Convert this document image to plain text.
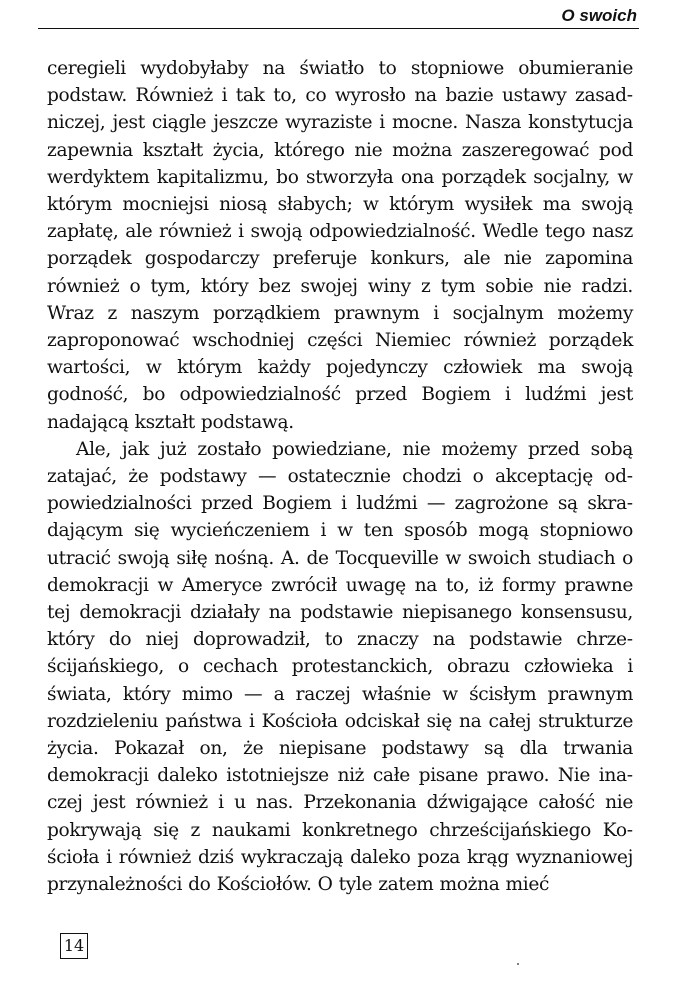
O swoich

ceregieli wydobyłaby na światło to stopniowe obumieranie podstaw. Również i tak to, co wyrosło na bazie ustawy zasadniczej, jest ciągle jeszcze wyraziste i mocne. Nasza konstytucja zapewnia kształt życia, którego nie można zaszeregować pod werdyktem kapitalizmu, bo stworzyła ona porządek socjalny, w którym mocniejsi niosą słabych; w którym wysiłek ma swoją zapłatę, ale również i swoją odpowiedzialność. Wedle tego nasz porządek gospodarczy preferuje konkurs, ale nie zapomina również o tym, który bez swojej winy z tym sobie nie radzi. Wraz z naszym porządkiem prawnym i socjalnym możemy zaproponować wschodniej części Niemiec również porządek wartości, w którym każdy pojedynczy człowiek ma swoją godność, bo odpowiedzialność przed Bogiem i ludźmi jest nadającą kształt podstawą.

Ale, jak już zostało powiedziane, nie możemy przed sobą zatajać, że podstawy — ostatecznie chodzi o akceptację odpowiedzialności przed Bogiem i ludźmi — zagrożone są skradającym się wycieńczeniem i w ten sposób mogą stopniowo utracić swoją siłę nośną. A. de Tocqueville w swoich studiach o demokracji w Ameryce zwrócił uwagę na to, iż formy prawne tej demokracji działały na podstawie niepisanego konsensusu, który do niej doprowadził, to znaczy na podstawie chrześcijańskiego, o cechach protestanckich, obrazu człowieka i świata, który mimo — a raczej właśnie w ścisłym prawnym rozdzieleniu państwa i Kościoła odciskał się na całej strukturze życia. Pokazał on, że niepisane podstawy są dla trwania demokracji daleko istotniejsze niż całe pisane prawo. Nie inaczej jest również i u nas. Przekonania dźwigające całość nie pokrywają się z naukami konkretnego chrześcijańskiego Kościoła i również dziś wykraczają daleko poza krąg wyznaniowej przynależności do Kościołów. O tyle zatem można mieć

14
